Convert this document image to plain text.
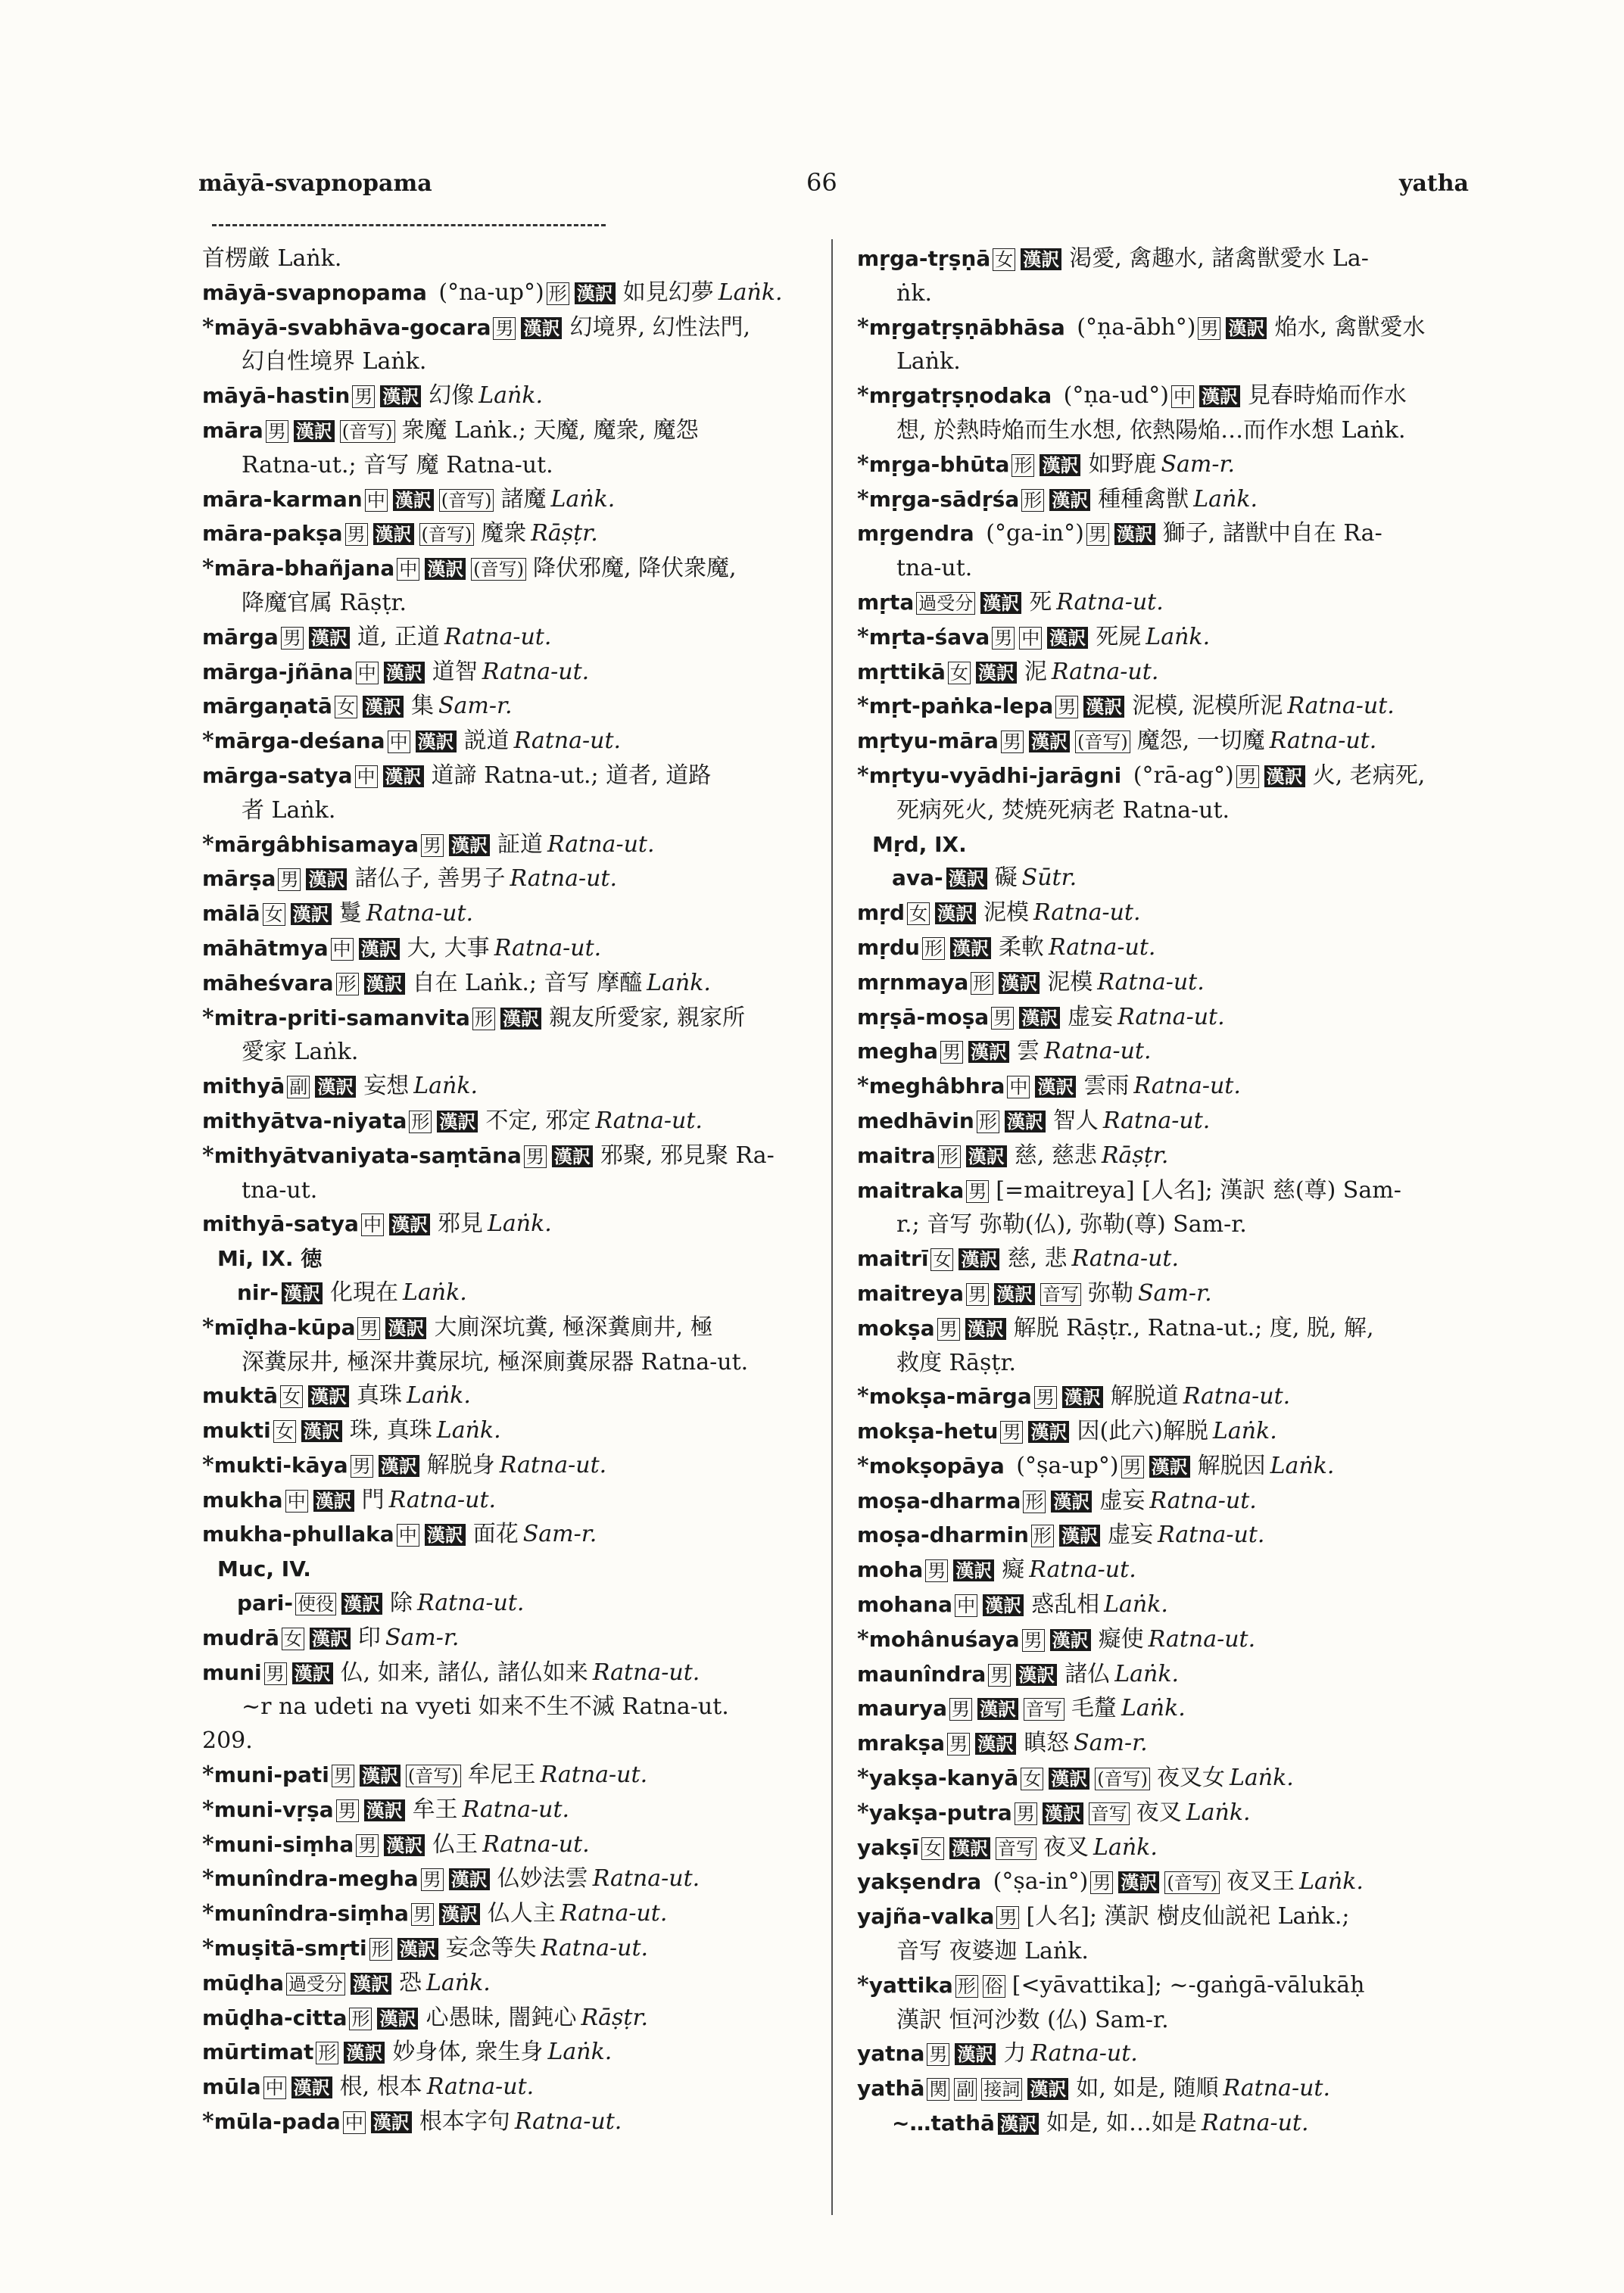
māyā-svapnopama	66	yatha
首楞厳 Laṅk.
māyā-svapnopama (°na-up°) 形 漢訳 如見幻夢 Laṅk.
*māyā-svabhāva-gocara 男 漢訳 幻境界, 幻性法門,
幻自性境界 Laṅk.
māyā-hastin 男 漢訳 幻像 Laṅk.
māra 男 漢訳 (音写) 衆魔 Laṅk.; 天魔, 魔衆, 魔怨
Ratna-ut.; 音写 魔 Ratna-ut.
māra-karman 中 漢訳 (音写) 諸魔 Laṅk.
māra-pakṣa 男 漢訳 (音写) 魔衆 Rāṣṭr.
*māra-bhañjana 中 漢訳 (音写) 降伏邪魔, 降伏衆魔,
降魔官属 Rāṣṭr.
mārga 男 漢訳 道, 正道 Ratna-ut.
mārga-jñāna 中 漢訳 道智 Ratna-ut.
mārgaṇatā 女 漢訳 集 Sam-r.
*mārga-deśana 中 漢訳 説道 Ratna-ut.
mārga-satya 中 漢訳 道諦 Ratna-ut.; 道者, 道路
者 Laṅk.
*mārgâbhisamaya 男 漢訳 証道 Ratna-ut.
mārṣa 男 漢訳 諸仏子, 善男子 Ratna-ut.
mālā 女 漢訳 鬘 Ratna-ut.
māhātmya 中 漢訳 大, 大事 Ratna-ut.
māheśvara 形 漢訳 自在 Laṅk.; 音写 摩醯 Laṅk.
*mitra-priti-samanvita 形 漢訳 親友所愛家, 親家所
愛家 Laṅk.
mithyā 副 漢訳 妄想 Laṅk.
mithyātva-niyata 形 漢訳 不定, 邪定 Ratna-ut.
*mithyātvaniyata-saṃtāna 男 漢訳 邪聚, 邪見聚 Ra-
tna-ut.
mithyā-satya 中 漢訳 邪見 Laṅk.
Mi, IX. 徳
nir- 漢訳 化現在 Laṅk.
*mīḍha-kūpa 男 漢訳 大廁深坑糞, 極深糞廁井, 極
深糞尿井, 極深井糞尿坑, 極深廁糞尿器 Ratna-ut.
muktā 女 漢訳 真珠 Laṅk.
mukti 女 漢訳 珠, 真珠 Laṅk.
*mukti-kāya 男 漢訳 解脱身 Ratna-ut.
mukha 中 漢訳 門 Ratna-ut.
mukha-phullaka 中 漢訳 面花 Sam-r.
Muc, IV.
pari- 使役 漢訳 除 Ratna-ut.
mudrā 女 漢訳 印 Sam-r.
muni 男 漢訳 仏, 如来, 諸仏, 諸仏如来 Ratna-ut.
~r na udeti na vyeti 如来不生不滅 Ratna-ut.
209.
*muni-pati 男 漢訳 (音写) 牟尼王 Ratna-ut.
*muni-vṛṣa 男 漢訳 牟王 Ratna-ut.
*muni-siṃha 男 漢訳 仏王 Ratna-ut.
*munîndra-megha 男 漢訳 仏妙法雲 Ratna-ut.
*munîndra-siṃha 男 漢訳 仏人主 Ratna-ut.
*muṣitā-smṛti 形 漢訳 妄念等失 Ratna-ut.
mūḍha 過受分 漢訳 恐 Laṅk.
mūḍha-citta 形 漢訳 心愚昧, 闇鈍心 Rāṣṭr.
mūrtimat 形 漢訳 妙身体, 衆生身 Laṅk.
mūla 中 漢訳 根, 根本 Ratna-ut.
*mūla-pada 中 漢訳 根本字句 Ratna-ut.
mṛga-tṛṣṇā 女 漢訳 渇愛, 禽趣水, 諸禽獣愛水 La-
ṅk.
*mṛgatṛṣṇābhāsa (°ṇa-ābh°) 男 漢訳 焔水, 禽獣愛水
Laṅk.
*mṛgatṛṣṇodaka (°ṇa-ud°) 中 漢訳 見春時焔而作水
想, 於熱時焔而生水想, 依熱陽焔…而作水想 Laṅk.
*mṛga-bhūta 形 漢訳 如野鹿 Sam-r.
*mṛga-sādṛśa 形 漢訳 種種禽獣 Laṅk.
mṛgendra (°ga-in°) 男 漢訳 獅子, 諸獣中自在 Ra-
tna-ut.
mṛta 過受分 漢訳 死 Ratna-ut.
*mṛta-śava 男 中 漢訳 死屍 Laṅk.
mṛttikā 女 漢訳 泥 Ratna-ut.
*mṛt-paṅka-lepa 男 漢訳 泥模, 泥模所泥 Ratna-ut.
mṛtyu-māra 男 漢訳 (音写) 魔怨, 一切魔 Ratna-ut.
*mṛtyu-vyādhi-jarāgni (°rā-ag°) 男 漢訳 火, 老病死,
死病死火, 焚焼死病老 Ratna-ut.
Mṛd, IX.
ava- 漢訳 礙 Sūtr.
mṛd 女 漢訳 泥模 Ratna-ut.
mṛdu 形 漢訳 柔軟 Ratna-ut.
mṛnmaya 形 漢訳 泥模 Ratna-ut.
mṛṣā-moṣa 男 漢訳 虚妄 Ratna-ut.
megha 男 漢訳 雲 Ratna-ut.
*meghâbhra 中 漢訳 雲雨 Ratna-ut.
medhāvin 形 漢訳 智人 Ratna-ut.
maitra 形 漢訳 慈, 慈悲 Rāṣṭr.
maitraka 男 [=maitreya] [人名]; 漢訳 慈(尊) Sam-
r.; 音写 弥勒(仏), 弥勒(尊) Sam-r.
maitrī 女 漢訳 慈, 悲 Ratna-ut.
maitreya 男 漢訳 音写 弥勒 Sam-r.
mokṣa 男 漢訳 解脱 Rāṣṭr., Ratna-ut.; 度, 脱, 解,
救度 Rāṣṭr.
*mokṣa-mārga 男 漢訳 解脱道 Ratna-ut.
mokṣa-hetu 男 漢訳 因(此六)解脱 Laṅk.
*mokṣopāya (°ṣa-up°) 男 漢訳 解脱因 Laṅk.
moṣa-dharma 形 漢訳 虚妄 Ratna-ut.
moṣa-dharmin 形 漢訳 虚妄 Ratna-ut.
moha 男 漢訳 癡 Ratna-ut.
mohana 中 漢訳 惑乱相 Laṅk.
*mohânuśaya 男 漢訳 癡使 Ratna-ut.
maunîndra 男 漢訳 諸仏 Laṅk.
maurya 男 漢訳 音写 毛釐 Laṅk.
mrakṣa 男 漢訳 瞋怒 Sam-r.
*yakṣa-kanyā 女 漢訳 (音写) 夜叉女 Laṅk.
*yakṣa-putra 男 漢訳 音写 夜叉 Laṅk.
yakṣī 女 漢訳 音写 夜叉 Laṅk.
yakṣendra (°ṣa-in°) 男 漢訳 (音写) 夜叉王 Laṅk.
yajña-valka 男 [人名]; 漢訳 樹皮仙説祀 Laṅk.;
音写 夜婆迦 Laṅk.
*yattika 形 俗 [<yāvattika]; ~-gaṅgā-vālukāḥ
漢訳 恒河沙数 (仏) Sam-r.
yatna 男 漢訳 力 Ratna-ut.
yathā 関 副 接詞 漢訳 如, 如是, 随順 Ratna-ut.
~…tathā 漢訳 如是, 如…如是 Ratna-ut.
